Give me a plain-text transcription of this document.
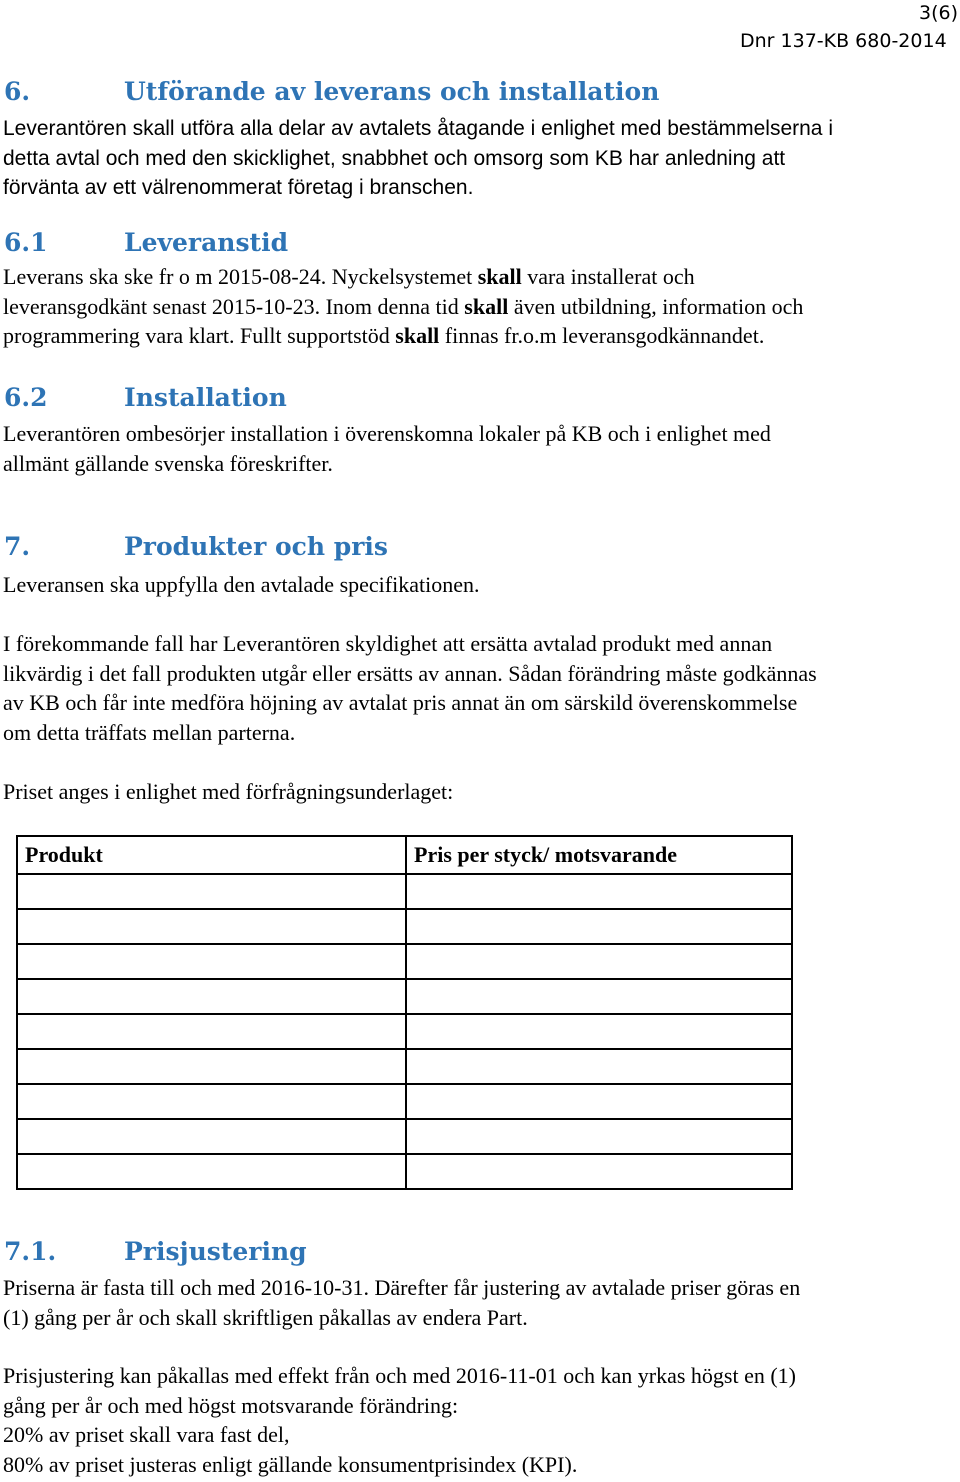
3(6)
Dnr 137-KB 680-2014
6.	Utförande av leverans och installation
Leverantören skall utföra alla delar av avtalets åtagande i enlighet med bestämmelserna i
detta avtal och med den skicklighet, snabbhet och omsorg som KB har anledning att
förvänta av ett välrenommerat företag i branschen.
6.1	Leveranstid
Leverans ska ske fr o m 2015-08-24. Nyckelsystemet skall vara installerat och
leveransgodkänt senast 2015-10-23. Inom denna tid skall även utbildning, information och
programmering vara klart. Fullt supportstöd skall finnas fr.o.m leveransgodkännandet.
6.2	Installation
Leverantören ombesörjer installation i överenskomna lokaler på KB och i enlighet med
allmänt gällande svenska föreskrifter.
7.	Produkter och pris
Leveransen ska uppfylla den avtalade specifikationen.
I förekommande fall har Leverantören skyldighet att ersätta avtalad produkt med annan
likvärdig i det fall produkten utgår eller ersätts av annan. Sådan förändring måste godkännas
av KB och får inte medföra höjning av avtalat pris annat än om särskild överenskommelse
om detta träffats mellan parterna.
Priset anges i enlighet med förfrågningsunderlaget:
Produkt	Pris per styck/ motsvarande

7.1.	Prisjustering
Priserna är fasta till och med 2016-10-31. Därefter får justering av avtalade priser göras en
(1) gång per år och skall skriftligen påkallas av endera Part.
Prisjustering kan påkallas med effekt från och med 2016-11-01 och kan yrkas högst en (1)
gång per år och med högst motsvarande förändring:
20% av priset skall vara fast del,
80% av priset justeras enligt gällande konsumentprisindex (KPI).
